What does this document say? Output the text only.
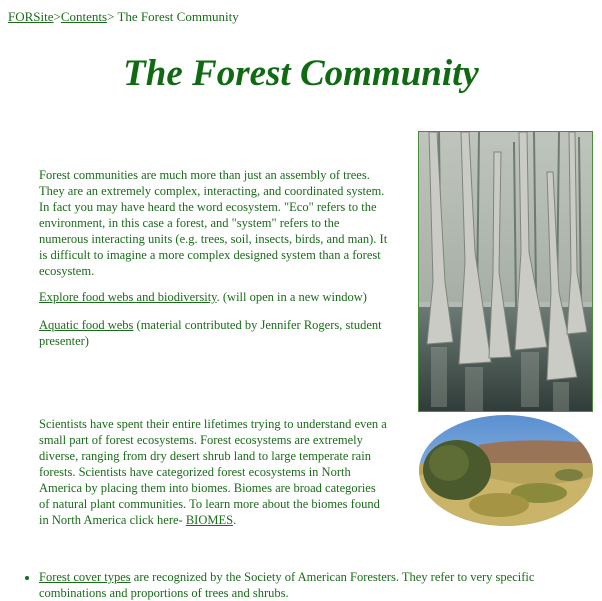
FORSite>Contents> The Forest Community
The Forest Community

Forest communities are much more than just an assembly of trees. They are an extremely complex, interacting, and coordinated system. In fact you may have heard the word ecosystem. "Eco" refers to the environment, in this case a forest, and "system" refers to the numerous interacting units (e.g. trees, soil, insects, birds, and man). It is difficult to imagine a more complex designed system than a forest ecosystem.

Explore food webs and biodiversity. (will open in a new window)

Aquatic food webs (material contributed by Jennifer Rogers, student presenter)

Scientists have spent their entire lifetimes trying to understand even a small part of forest ecosystems. Forest ecosystems are extremely diverse, ranging from dry desert shrub land to large temperate rain forests. Scientists have categorized forest ecosystems in North America by placing them into biomes. Biomes are broad categories of natural plant communities. To learn more about the biomes found in North America click here- BIOMES.

• Forest cover types are recognized by the Society of American Foresters. They refer to very specific combinations and proportions of trees and shrubs.
